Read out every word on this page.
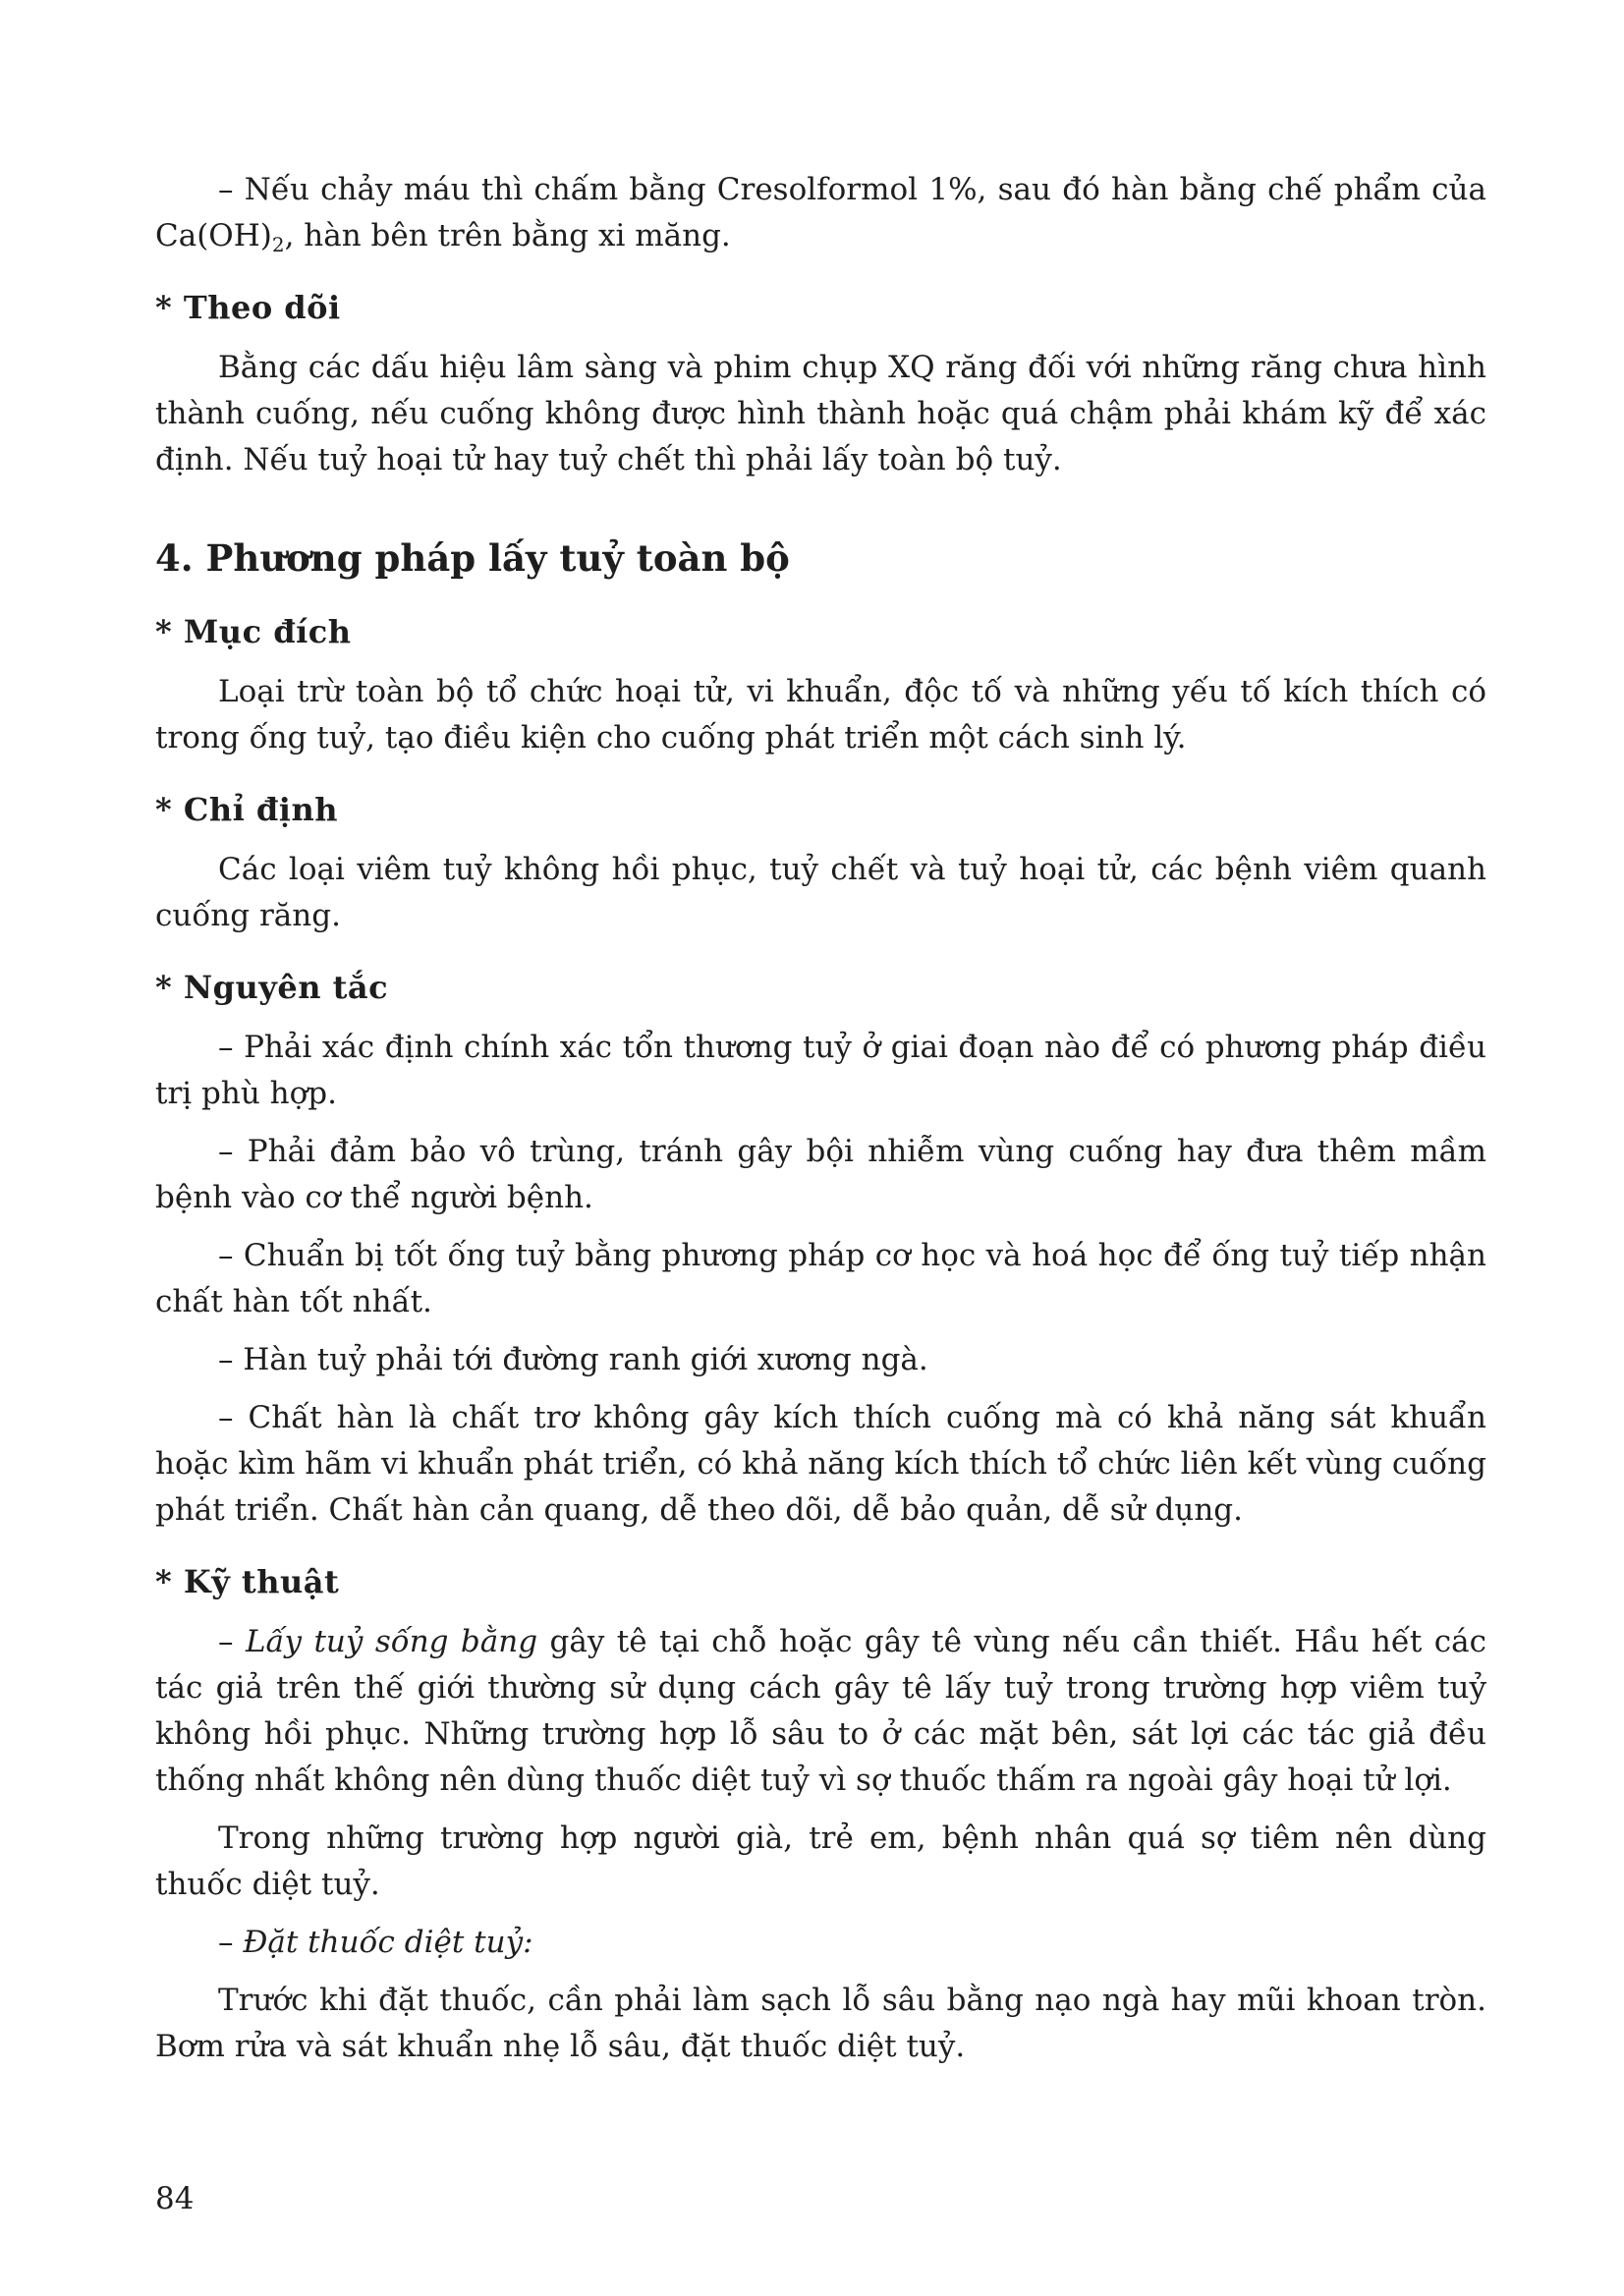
– Nếu chảy máu thì chấm bằng Cresolformol 1%, sau đó hàn bằng chế phẩm của $Ca(OH)_2$, hàn bên trên bằng xi măng.

* Theo dõi

Bằng các dấu hiệu lâm sàng và phim chụp XQ răng đối với những răng chưa hình thành cuống, nếu cuống không được hình thành hoặc quá chậm phải khám kỹ để xác định. Nếu tuỷ hoại tử hay tuỷ chết thì phải lấy toàn bộ tuỷ.

4. Phương pháp lấy tuỷ toàn bộ
* Mục đích

Loại trừ toàn bộ tổ chức hoại tử, vi khuẩn, độc tố và những yếu tố kích thích có trong ống tuỷ, tạo điều kiện cho cuống phát triển một cách sinh lý.

* Chỉ định

Các loại viêm tuỷ không hồi phục, tuỷ chết và tuỷ hoại tử, các bệnh viêm quanh cuống răng.

* Nguyên tắc

– Phải xác định chính xác tổn thương tuỷ ở giai đoạn nào để có phương pháp điều trị phù hợp.

– Phải đảm bảo vô trùng, tránh gây bội nhiễm vùng cuống hay đưa thêm mầm bệnh vào cơ thể người bệnh.

– Chuẩn bị tốt ống tuỷ bằng phương pháp cơ học và hoá học để ống tuỷ tiếp nhận chất hàn tốt nhất.

– Hàn tuỷ phải tới đường ranh giới xương ngà.

– Chất hàn là chất trơ không gây kích thích cuống mà có khả năng sát khuẩn hoặc kìm hãm vi khuẩn phát triển, có khả năng kích thích tổ chức liên kết vùng cuống phát triển. Chất hàn cản quang, dễ theo dõi, dễ bảo quản, dễ sử dụng.

* Kỹ thuật

– Lấy tuỷ sống bằng gây tê tại chỗ hoặc gây tê vùng nếu cần thiết. Hầu hết các tác giả trên thế giới thường sử dụng cách gây tê lấy tuỷ trong trường hợp viêm tuỷ không hồi phục. Những trường hợp lỗ sâu to ở các mặt bên, sát lợi các tác giả đều thống nhất không nên dùng thuốc diệt tuỷ vì sợ thuốc thấm ra ngoài gây hoại tử lợi.

Trong những trường hợp người già, trẻ em, bệnh nhân quá sợ tiêm nên dùng thuốc diệt tuỷ.

– Đặt thuốc diệt tuỷ:

Trước khi đặt thuốc, cần phải làm sạch lỗ sâu bằng nạo ngà hay mũi khoan tròn. Bơm rửa và sát khuẩn nhẹ lỗ sâu, đặt thuốc diệt tuỷ.

84
